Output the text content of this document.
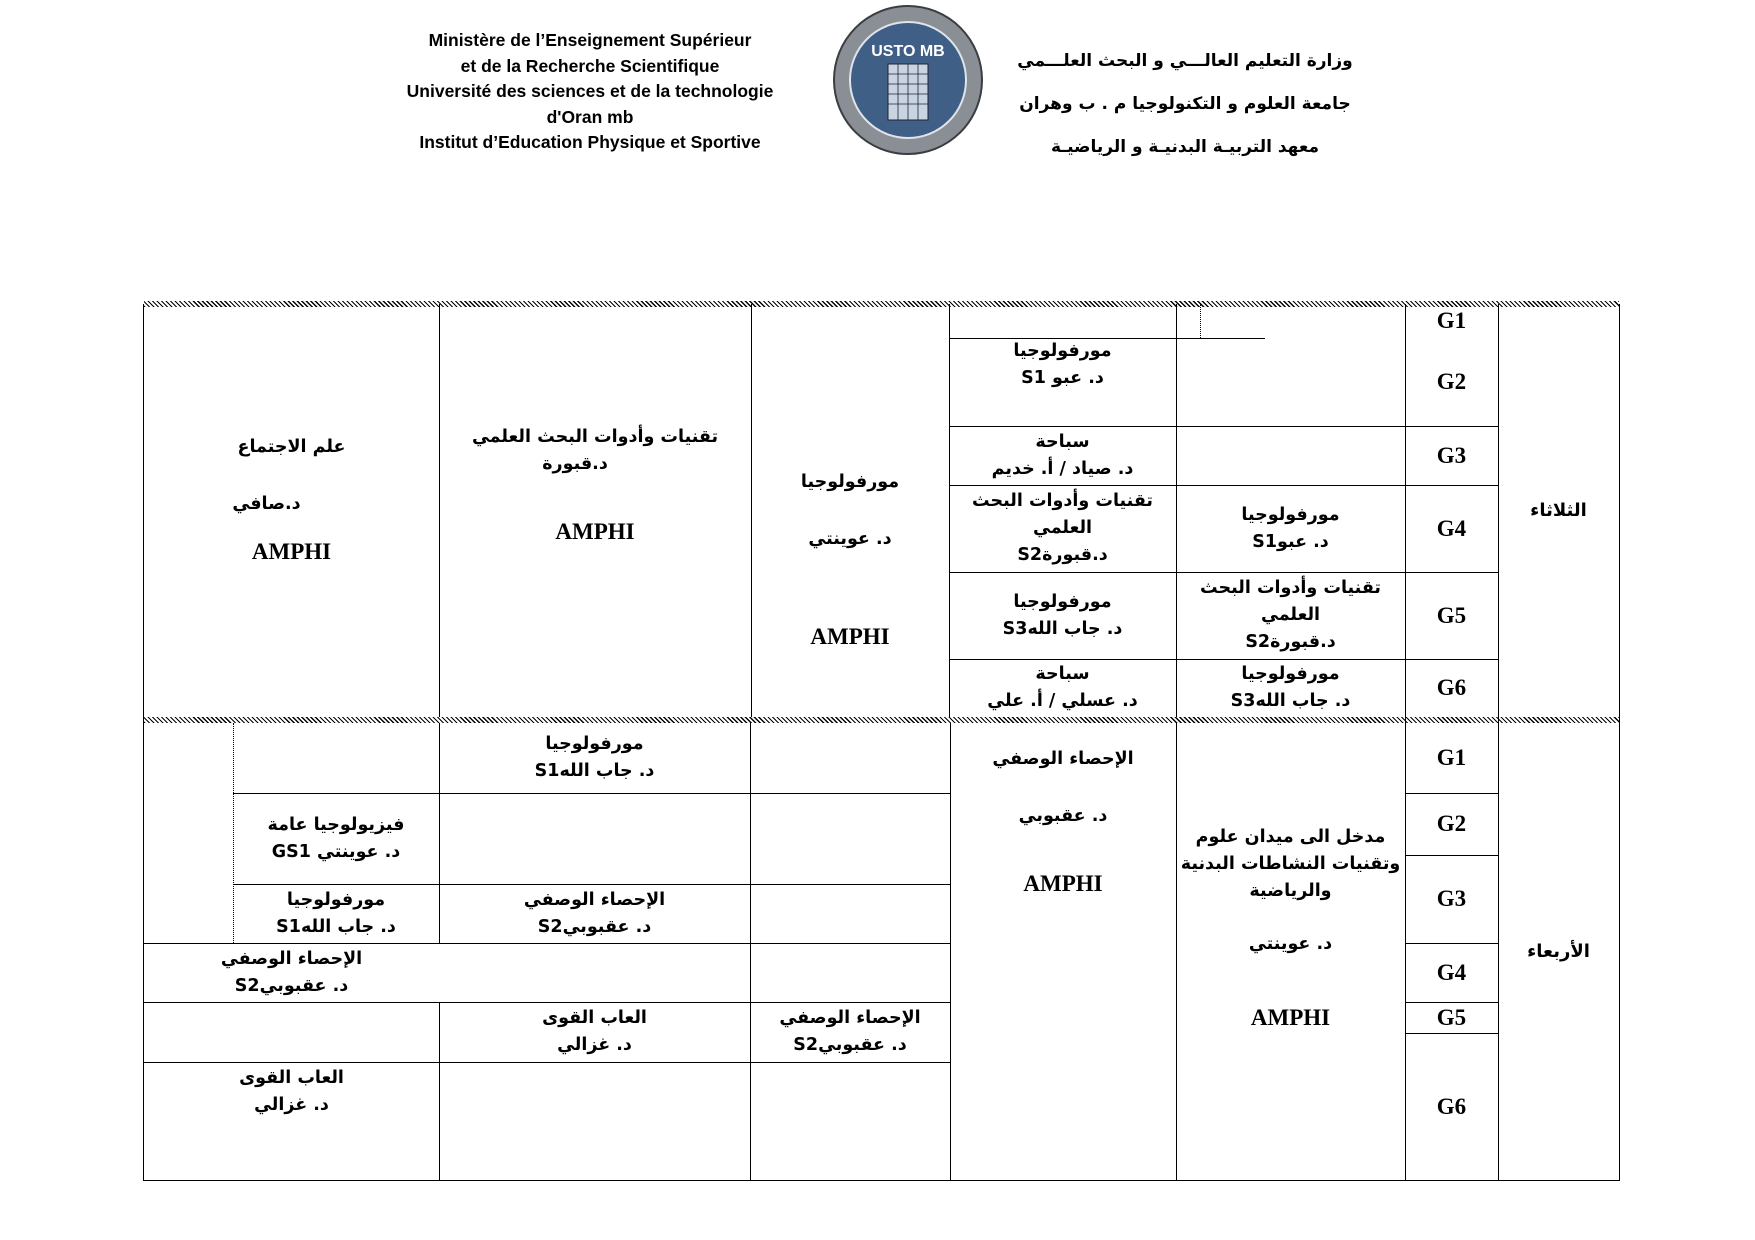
Ministère de l’Enseignement Supérieur
et de la Recherche Scientifique
Université des sciences et de la technologie
d'Oran mb
Institut d’Education Physique et Sportive
USTO MB	وزارة التعليم العالـــي و البحث العلـــمي
جامعة العلوم و التكنولوجيا م . ب وهران
معهد التربيـة البدنيـة و الرياضيـة
الثلاثاء
الأربعاء
G1
G2
G3
G4
G5
G6
G1
G2
G3
G4
G5
G6
علم الاجتماع
د.صافي
AMPHI
تقنيات وأدوات البحث العلمي
د.قبورة
AMPHI
مورفولوجيا
د. عوينتي
AMPHI
مورفولوجيا
د. عبو S1
سباحة
د. صياد / أ. خديم
تقنيات وأدوات البحث
العلمي
د.قبورةS2
مورفولوجيا
د. عبوS1
مورفولوجيا
د. جاب اللهS3
تقنيات وأدوات البحث
العلمي
د.قبورةS2
سباحة
د. عسلي / أ. علي
مورفولوجيا
د. جاب اللهS3
مدخل الى ميدان علوم
وتقنيات النشاطات البدنية
والرياضية
د. عوينتي
AMPHI
الإحصاء الوصفي
د. عقبوبي
AMPHI
مورفولوجيا
د. جاب اللهS1
فيزيولوجيا عامة
د. عوينتي GS1
الإحصاء الوصفي
د. عقبوبيS2
مورفولوجيا
د. جاب اللهS1
الإحصاء الوصفي
د. عقبوبيS2
الإحصاء الوصفي
د. عقبوبيS2
العاب القوى
د. غزالي
العاب القوى
د. غزالي
